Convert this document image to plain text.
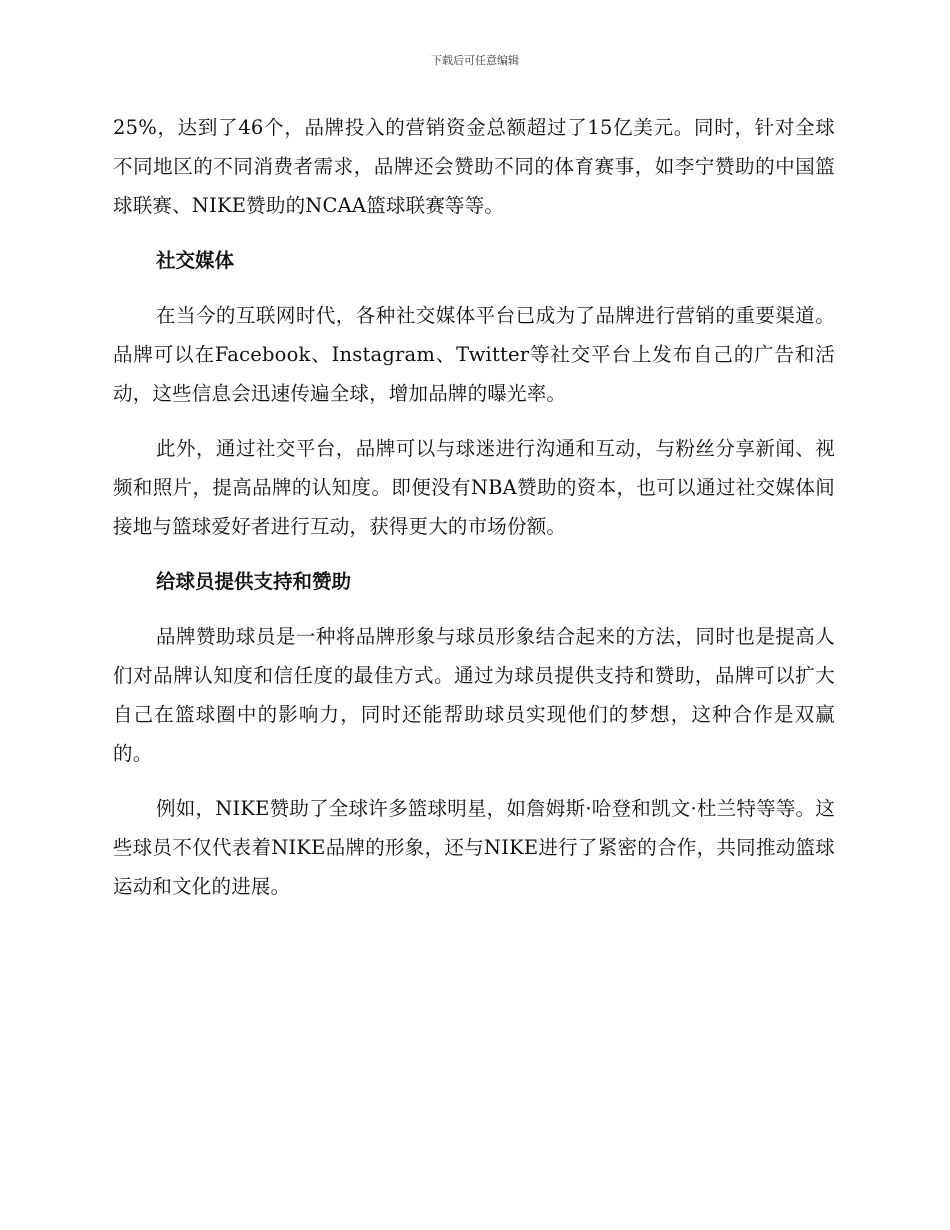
下载后可任意编辑

25%，达到了46个，品牌投入的营销资金总额超过了15亿美元。同时，针对全球不同地区的不同消费者需求，品牌还会赞助不同的体育赛事，如李宁赞助的中国篮球联赛、NIKE赞助的NCAA篮球联赛等等。

社交媒体

在当今的互联网时代，各种社交媒体平台已成为了品牌进行营销的重要渠道。品牌可以在Facebook、Instagram、Twitter等社交平台上发布自己的广告和活动，这些信息会迅速传遍全球，增加品牌的曝光率。

此外，通过社交平台，品牌可以与球迷进行沟通和互动，与粉丝分享新闻、视频和照片，提高品牌的认知度。即便没有NBA赞助的资本，也可以通过社交媒体间接地与篮球爱好者进行互动，获得更大的市场份额。

给球员提供支持和赞助

品牌赞助球员是一种将品牌形象与球员形象结合起来的方法，同时也是提高人们对品牌认知度和信任度的最佳方式。通过为球员提供支持和赞助，品牌可以扩大自己在篮球圈中的影响力，同时还能帮助球员实现他们的梦想，这种合作是双赢的。

例如，NIKE赞助了全球许多篮球明星，如詹姆斯·哈登和凯文·杜兰特等等。这些球员不仅代表着NIKE品牌的形象，还与NIKE进行了紧密的合作，共同推动篮球运动和文化的进展。
